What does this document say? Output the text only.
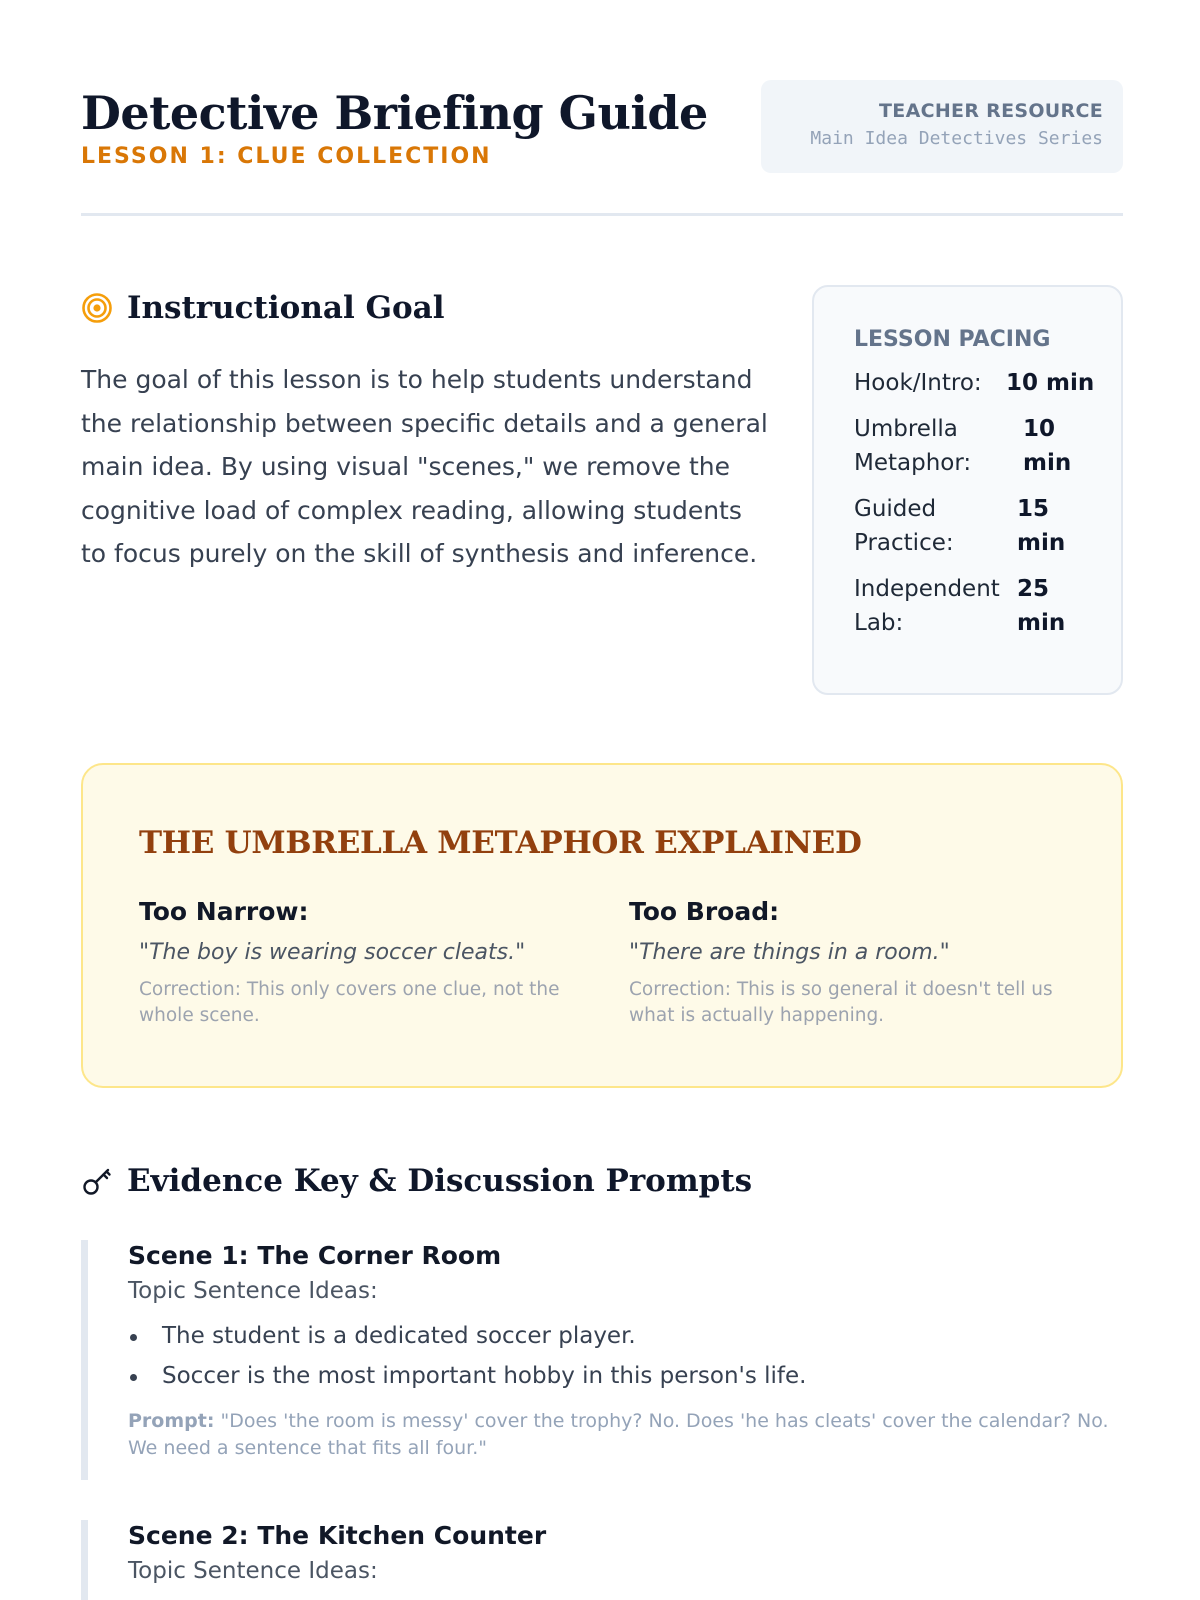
Detective Briefing Guide
LESSON 1: CLUE COLLECTION
TEACHER RESOURCE
Main Idea Detectives Series
Instructional Goal

The goal of this lesson is to help students understand the relationship between specific details and a general main idea. By using visual "scenes," we remove the cognitive load of complex reading, allowing students to focus purely on the skill of synthesis and inference.

LESSON PACING
Hook/Intro:	10 min
Umbrella Metaphor:
10 min
Guided Practice:
15 min
Independent Lab:
25 min
THE UMBRELLA METAPHOR EXPLAINED
Too Narrow:
"The boy is wearing soccer cleats."
Correction: This only covers one clue, not the whole scene.
Too Broad:
"There are things in a room."
Correction: This is so general it doesn't tell us what is actually happening.
Evidence Key & Discussion Prompts
Scene 1: The Corner Room
Topic Sentence Ideas:
The student is a dedicated soccer player.
Soccer is the most important hobby in this person's life.
Prompt: "Does 'the room is messy' cover the trophy? No. Does 'he has cleats' cover the calendar? No. We need a sentence that fits all four."
Scene 2: The Kitchen Counter
Topic Sentence Ideas:
